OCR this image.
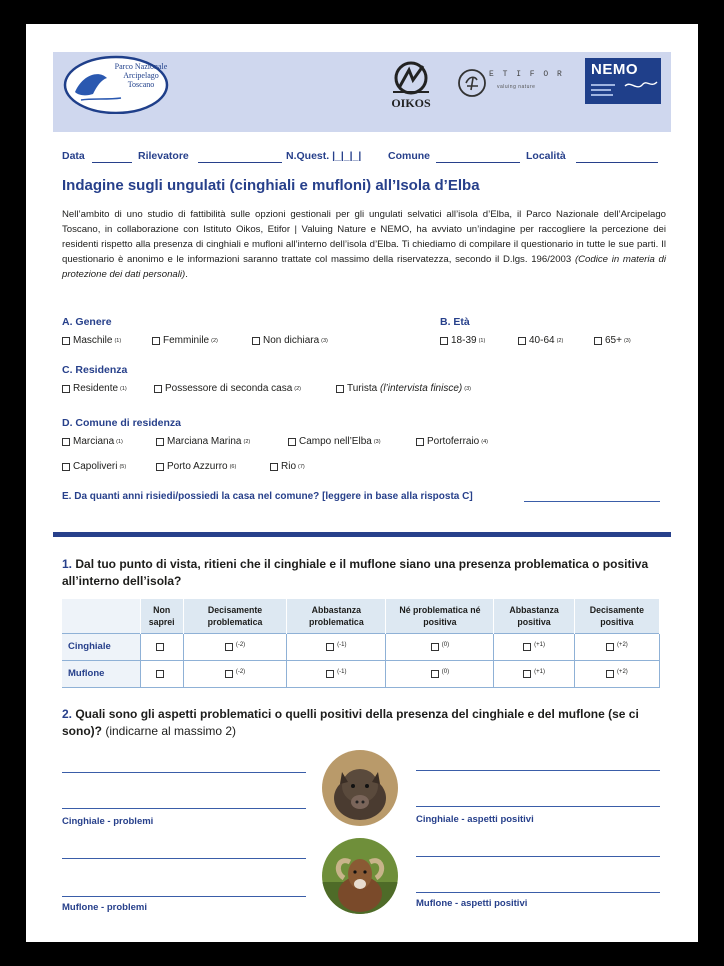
Parco Nazionale Arcipelago Toscano
OIKOS
E T I F O R
valuing nature
NEMO
Data	Rilevatore	N.Quest. |_|_|_|	Comune	Località
Indagine sugli ungulati (cinghiali e mufloni) all’Isola d’Elba

Nell’ambito di uno studio di fattibilità sulle opzioni gestionali per gli ungulati selvatici all’isola d’Elba, il Parco Nazionale dell’Arcipelago Toscano, in collaborazione con Istituto Oikos, Etifor | Valuing Nature e NEMO, ha avviato un’indagine per raccogliere la percezione dei residenti rispetto alla presenza di cinghiali e mufloni all’interno dell’isola d’Elba. Ti chiediamo di compilare il questionario in tutte le sue parti. Il questionario è anonimo e le informazioni saranno trattate col massimo della riservatezza, secondo il D.lgs. 196/2003 (Codice in materia di protezione dei dati personali).

A. Genere
Maschile (1)	Femminile (2)	Non dichiara (3)
B. Età
18-39 (1)	40-64 (2)	65+ (3)
C. Residenza
Residente (1)	Possessore di seconda casa (2)	Turista
(l’intervista finisce) (3)
D. Comune di residenza
Marciana (1)	Marciana Marina (2)	Campo nell’Elba (3)	Portoferraio (4)
Capoliveri (5)	Porto Azzurro (6)	Rio (7)
E. Da quanti anni risiedi/possiedi la casa nel comune? [leggere in base alla risposta C]
1. Dal tuo punto di vista, ritieni che il cinghiale e il muflone siano una presenza problematica o positiva all’interno dell’isola?
	Non saprei	Decisamente problematica	Abbastanza problematica	Né problematica né positiva	Abbastanza positiva	Decisamente positiva
Cinghiale		$^{(-2)}$	$^{(-1)}$	$^{(0)}$	$^{(+1)}$	$^{(+2)}$
Muflone		$^{(-2)}$	$^{(-1)}$	$^{(0)}$	$^{(+1)}$	$^{(+2)}$
2. Quali sono gli aspetti problematici o quelli positivi della presenza del cinghiale e del muflone (se ci sono)? (indicarne al massimo 2)
Cinghiale - problemi	Cinghiale - aspetti positivi
Muflone - problemi	Muflone - aspetti positivi
